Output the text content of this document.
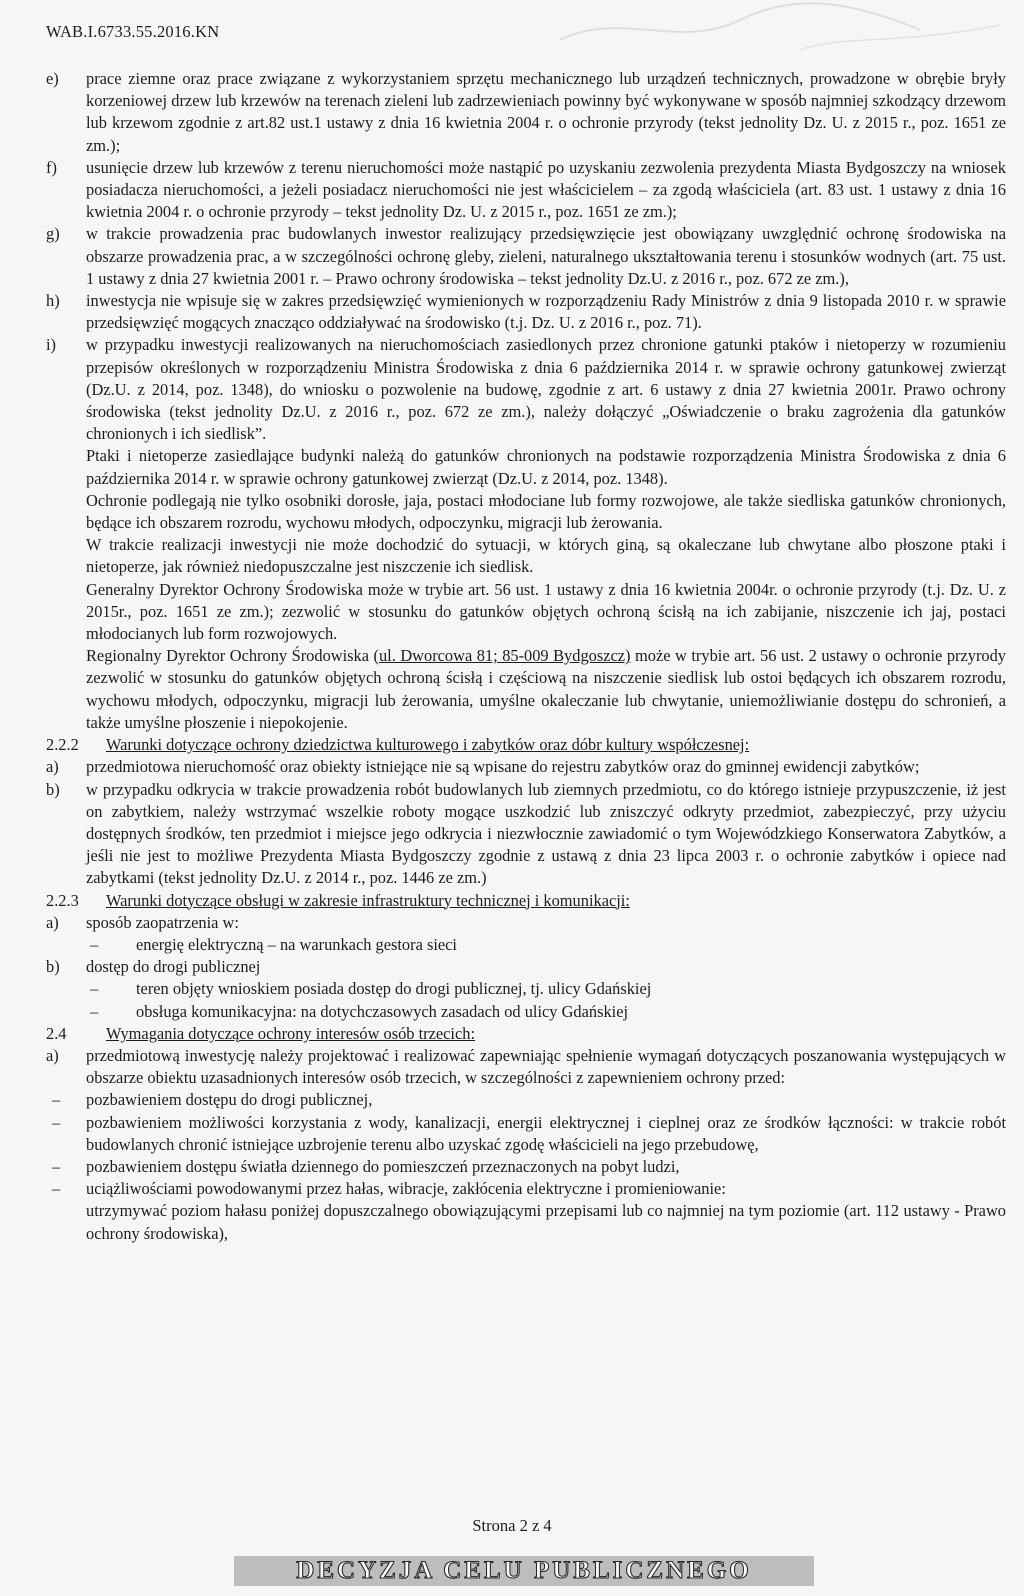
WAB.I.6733.55.2016.KN
e)	prace ziemne oraz prace związane z wykorzystaniem sprzętu mechanicznego lub urządzeń technicznych, prowadzone w obrębie bryły korzeniowej drzew lub krzewów na terenach zieleni lub zadrzewieniach powinny być wykonywane w sposób najmniej szkodzący drzewom lub krzewom zgodnie z art.82 ust.1 ustawy z dnia 16 kwietnia 2004 r. o ochronie przyrody (tekst jednolity Dz. U. z 2015 r., poz. 1651 ze zm.);
f)	usunięcie drzew lub krzewów z terenu nieruchomości może nastąpić po uzyskaniu zezwolenia prezydenta Miasta Bydgoszczy na wniosek posiadacza nieruchomości, a jeżeli posiadacz nieruchomości nie jest właścicielem – za zgodą właściciela (art. 83 ust. 1 ustawy z dnia 16 kwietnia 2004 r. o ochronie przyrody – tekst jednolity Dz. U. z 2015 r., poz. 1651 ze zm.);
g)	w trakcie prowadzenia prac budowlanych inwestor realizujący przedsięwzięcie jest obowiązany uwzględnić ochronę środowiska na obszarze prowadzenia prac, a w szczególności ochronę gleby, zieleni, naturalnego ukształtowania terenu i stosunków wodnych (art. 75 ust. 1 ustawy z dnia 27 kwietnia 2001 r. – Prawo ochrony środowiska – tekst jednolity Dz.U. z 2016 r., poz. 672 ze zm.),
h)	inwestycja nie wpisuje się w zakres przedsięwzięć wymienionych w rozporządzeniu Rady Ministrów z dnia 9 listopada 2010 r. w sprawie przedsięwzięć mogących znacząco oddziaływać na środowisko (t.j. Dz. U. z 2016 r., poz. 71).
i)	w przypadku inwestycji realizowanych na nieruchomościach zasiedlonych przez chronione gatunki ptaków i nietoperzy w rozumieniu przepisów określonych w rozporządzeniu Ministra Środowiska z dnia 6 października 2014 r. w sprawie ochrony gatunkowej zwierząt (Dz.U. z 2014, poz. 1348), do wniosku o pozwolenie na budowę, zgodnie z art. 6 ustawy z dnia 27 kwietnia 2001r. Prawo ochrony środowiska (tekst jednolity Dz.U. z 2016 r., poz. 672 ze zm.), należy dołączyć „Oświadczenie o braku zagrożenia dla gatunków chronionych i ich siedlisk”.

Ptaki i nietoperze zasiedlające budynki należą do gatunków chronionych na podstawie rozporządzenia Ministra Środowiska z dnia 6 października 2014 r. w sprawie ochrony gatunkowej zwierząt (Dz.U. z 2014, poz. 1348).

Ochronie podlegają nie tylko osobniki dorosłe, jaja, postaci młodociane lub formy rozwojowe, ale także siedliska gatunków chronionych, będące ich obszarem rozrodu, wychowu młodych, odpoczynku, migracji lub żerowania.

W trakcie realizacji inwestycji nie może dochodzić do sytuacji, w których giną, są okaleczane lub chwytane albo płoszone ptaki i nietoperze, jak również niedopuszczalne jest niszczenie ich siedlisk.

Generalny Dyrektor Ochrony Środowiska może w trybie art. 56 ust. 1 ustawy z dnia 16 kwietnia 2004r. o ochronie przyrody (t.j. Dz. U. z 2015r., poz. 1651 ze zm.); zezwolić w stosunku do gatunków objętych ochroną ścisłą na ich zabijanie, niszczenie ich jaj, postaci młodocianych lub form rozwojowych.

Regionalny Dyrektor Ochrony Środowiska (ul. Dworcowa 81; 85-009 Bydgoszcz) może w trybie art. 56 ust. 2 ustawy o ochronie przyrody zezwolić w stosunku do gatunków objętych ochroną ścisłą i częściową na niszczenie siedlisk lub ostoi będących ich obszarem rozrodu, wychowu młodych, odpoczynku, migracji lub żerowania, umyślne okaleczanie lub chwytanie, uniemożliwianie dostępu do schronień, a także umyślne płoszenie i niepokojenie.

2.2.2	Warunki dotyczące ochrony dziedzictwa kulturowego i zabytków oraz dóbr kultury współczesnej:
a)	przedmiotowa nieruchomość oraz obiekty istniejące nie są wpisane do rejestru zabytków oraz do gminnej ewidencji zabytków;
b)	w przypadku odkrycia w trakcie prowadzenia robót budowlanych lub ziemnych przedmiotu, co do którego istnieje przypuszczenie, iż jest on zabytkiem, należy wstrzymać wszelkie roboty mogące uszkodzić lub zniszczyć odkryty przedmiot, zabezpieczyć, przy użyciu dostępnych środków, ten przedmiot i miejsce jego odkrycia i niezwłocznie zawiadomić o tym Wojewódzkiego Konserwatora Zabytków, a jeśli nie jest to możliwe Prezydenta Miasta Bydgoszczy zgodnie z ustawą z dnia 23 lipca 2003 r. o ochronie zabytków i opiece nad zabytkami (tekst jednolity Dz.U. z 2014 r., poz. 1446 ze zm.)
2.2.3	Warunki dotyczące obsługi w zakresie infrastruktury technicznej i komunikacji:
a)	sposób zaopatrzenia w:
–	energię elektryczną – na warunkach gestora sieci
b)	dostęp do drogi publicznej
–	teren objęty wnioskiem posiada dostęp do drogi publicznej, tj. ulicy Gdańskiej
–	obsługa komunikacyjna: na dotychczasowych zasadach od ulicy Gdańskiej
2.4	Wymagania dotyczące ochrony interesów osób trzecich:
a)	przedmiotową inwestycję należy projektować i realizować zapewniając spełnienie wymagań dotyczących poszanowania występujących w obszarze obiektu uzasadnionych interesów osób trzecich, w szczególności z zapewnieniem ochrony przed:
–	pozbawieniem dostępu do drogi publicznej,
–	pozbawieniem możliwości korzystania z wody, kanalizacji, energii elektrycznej i cieplnej oraz ze środków łączności: w trakcie robót budowlanych chronić istniejące uzbrojenie terenu albo uzyskać zgodę właścicieli na jego przebudowę,
–	pozbawieniem dostępu światła dziennego do pomieszczeń przeznaczonych na pobyt ludzi,
–	uciążliwościami powodowanymi przez hałas, wibracje, zakłócenia elektryczne i promieniowanie:
utrzymywać poziom hałasu poniżej dopuszczalnego obowiązującymi przepisami lub co najmniej na tym poziomie (art. 112 ustawy - Prawo ochrony środowiska),
Strona 2 z 4
DECYZJA CELU PUBLICZNEGO
